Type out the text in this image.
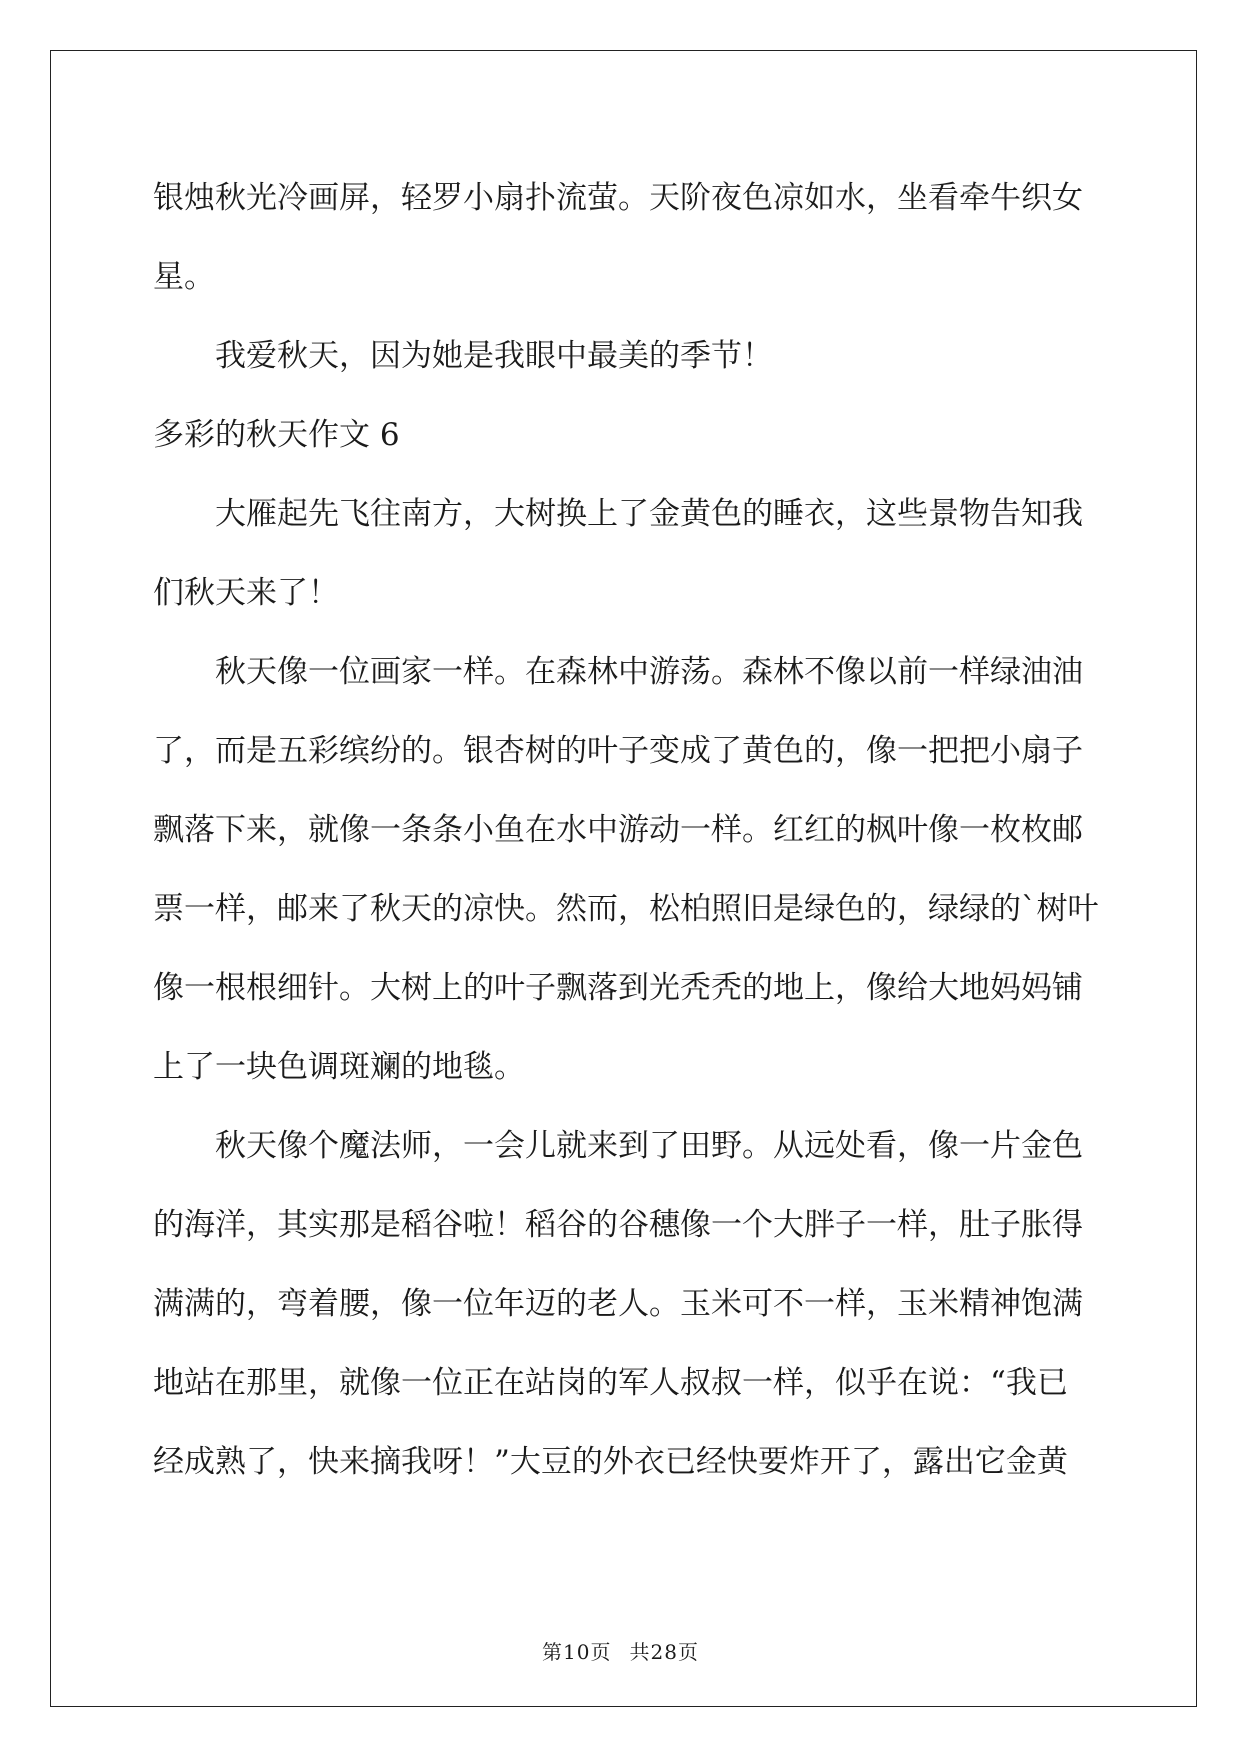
银烛秋光冷画屏，轻罗小扇扑流萤。天阶夜色凉如水，坐看牵牛织女
星。
　　我爱秋天，因为她是我眼中最美的季节！
多彩的秋天作文 6
　　大雁起先飞往南方，大树换上了金黄色的睡衣，这些景物告知我
们秋天来了！
　　秋天像一位画家一样。在森林中游荡。森林不像以前一样绿油油
了，而是五彩缤纷的。银杏树的叶子变成了黄色的，像一把把小扇子
飘落下来，就像一条条小鱼在水中游动一样。红红的枫叶像一枚枚邮
票一样，邮来了秋天的凉快。然而，松柏照旧是绿色的，绿绿的`树叶
像一根根细针。大树上的叶子飘落到光秃秃的地上，像给大地妈妈铺
上了一块色调斑斓的地毯。
　　秋天像个魔法师，一会儿就来到了田野。从远处看，像一片金色
的海洋，其实那是稻谷啦！稻谷的谷穗像一个大胖子一样，肚子胀得
满满的，弯着腰，像一位年迈的老人。玉米可不一样，玉米精神饱满
地站在那里，就像一位正在站岗的军人叔叔一样，似乎在说：“我已
经成熟了，快来摘我呀！”大豆的外衣已经快要炸开了，露出它金黄
第10页 共28页
